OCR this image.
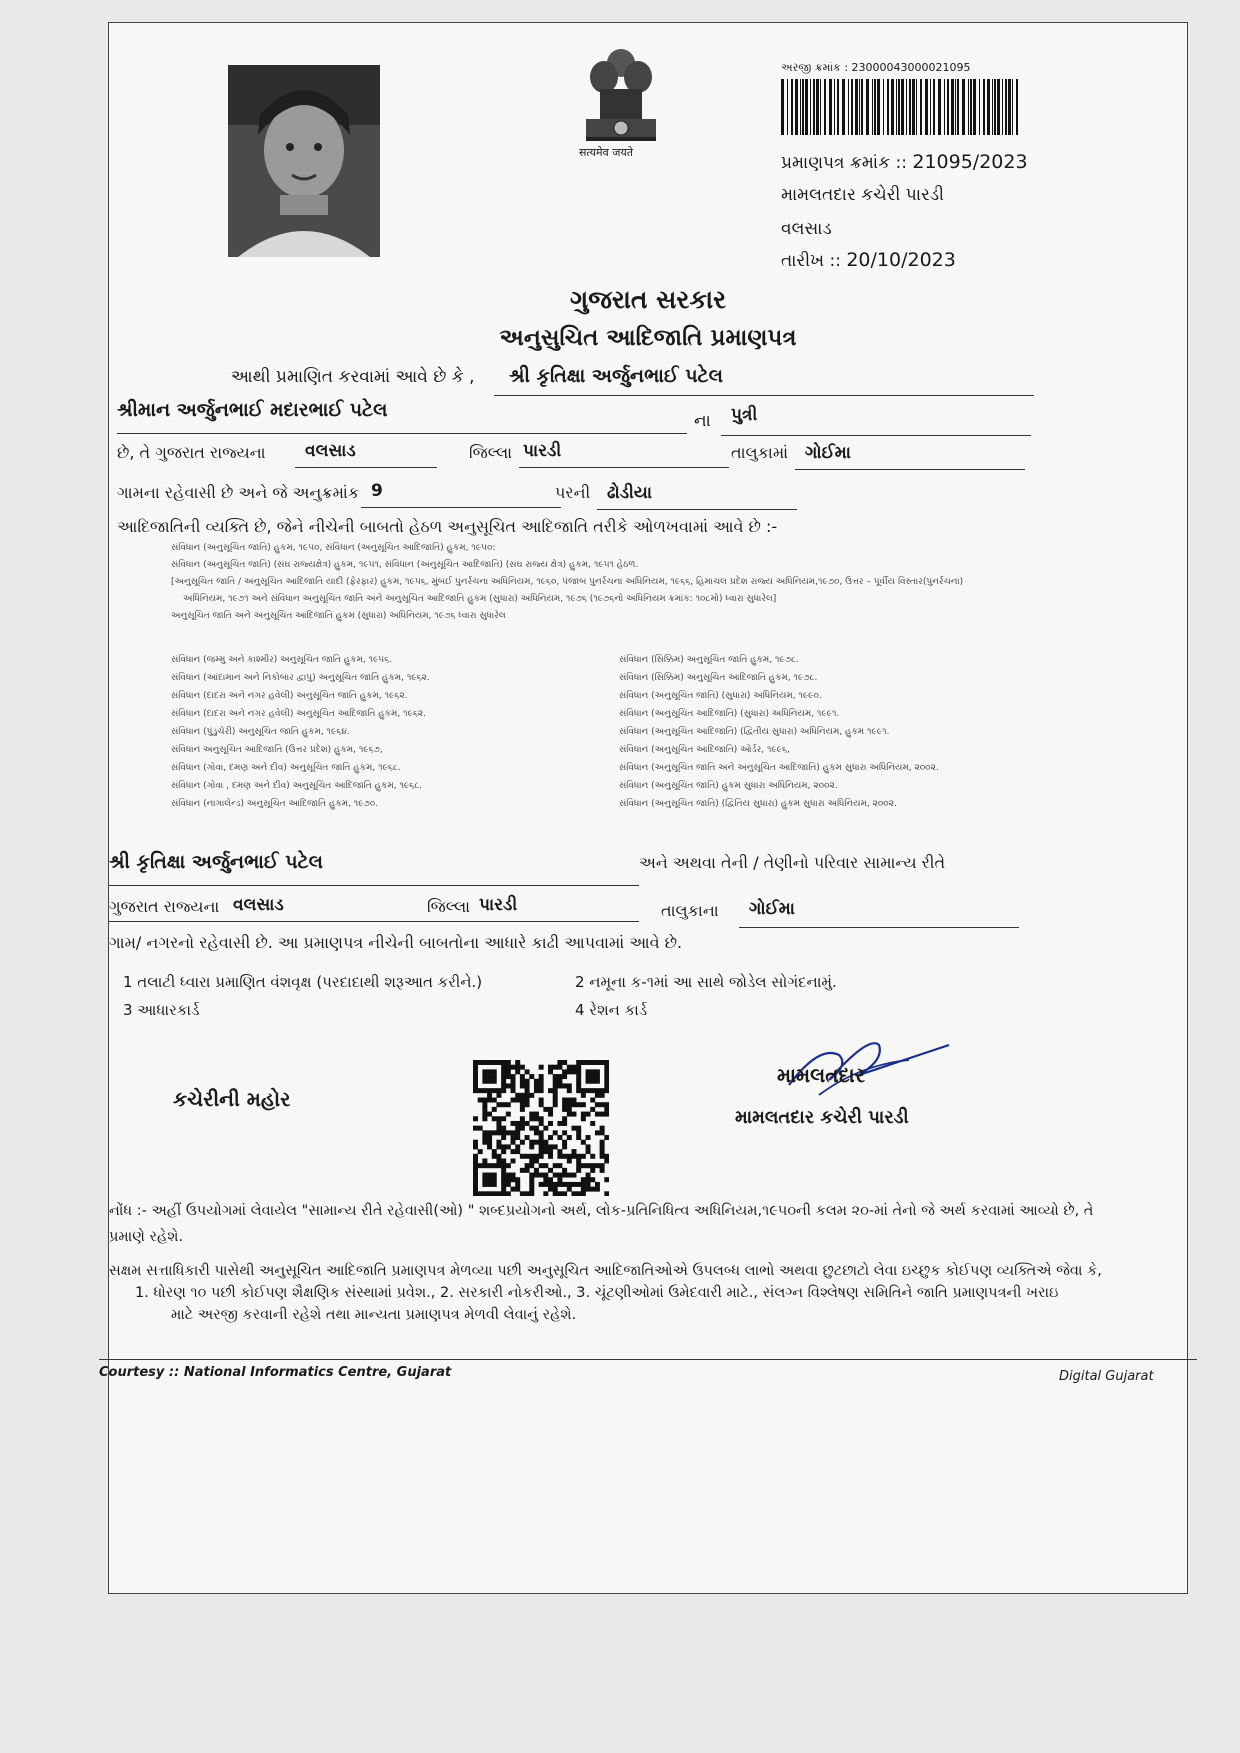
सत्यमेव जयते
અરજી ક્રમાંક : 23000043000021095
પ્રમાણપત્ર ક્રમાંક :: 21095/2023
મામલતદાર કચેરી પારડી
વલસાડ
તારીખ :: 20/10/2023
ગુજરાત સરકાર
અનુસુચિત આદિજાતિ પ્રમાણપત્ર
આથી પ્રમાણિત કરવામાં આવે છે કે , શ્રી કૃતિક્ષા અર્જુનભાઈ પટેલ
શ્રીમાન અર્જુનભાઈ મદારભાઈ પટેલ	ના પુત્રી
છે, તે ગુજરાત રાજ્યના વલસાડ	જિલ્લા પારડી	તાલુકામાં ગોઈમા
ગામના રહેવાસી છે અને જે અનુક્રમાંક 9	પરની ઢોડીયા
આદિજાતિની વ્યક્તિ છે, જેને નીચેની બાબતો હેઠળ અનુસૂચિત આદિજાતિ તરીકે ઓળખવામાં આવે છે :-
સંવિધાન (અનુસૂચિત જાતિ) હુકમ, ૧૯૫૦, સંવિધાન (અનુસૂચિત આદિજાતિ) હુકમ, ૧૯૫૦:
સંવિધાન (અનુસૂચિત જાતિ) (સંઘ રાજ્યક્ષેત્ર) હુકમ, ૧૯૫૧, સંવિધાન (અનુસૂચિત આદિજાતિ) (સંઘ રાજ્ય ક્ષેત્ર) હુકમ, ૧૯૫૧ હેઠળ.
[અનુસૂચિત જાતિ / અનુસૂચિત આદિજાતિ યાદી (ફેરફાર) હુકમ, ૧૯૫૬, મુંબઈ પુનર્રચના અધિનિયમ, ૧૯૬૦, પંજાબ પુનર્રચના અધિનિયમ, ૧૯૬૬, હિમાચલ પ્રદેશ રાજ્ય અધિનિયમ,૧૯૭૦, ઉત્તર – પૂર્વીય વિસ્તાર(પુનર્રચના)
અધિનિયમ, ૧૯૭૧ અને સંવિધાન અનુસૂચિત જાતિ અને અનુસૂચિત આદિજાતિ હુકમ (સુધારા) અધિનિયમ, ૧૯૭૬ (૧૯૭૬નો અધિનિયમ ક્રમાંક: ૧૦૮મો) ધ્વારા સુધારેલ]
અનુસૂચિત જાતિ અને અનુસૂચિત આદિજાતિ હુકમ (સુધારા) અધિનિયમ, ૧૯૭૬ ધ્વારા સુધારેલ
સંવિધાન (જમ્મુ અને કાશ્મીર) અનુસૂચિત જાતિ હુકમ, ૧૯૫૬.
સંવિધાન (આંદામાન અને નિકોબાર દ્વાપુ) અનુસૂચિત જાતિ હુકમ, ૧૯૬૨.
સંવિધાન (દાદરા અને નગર હવેલી) અનુસૂચિત જાતિ હુકમ, ૧૯૬૨.
સંવિધાન (દાદરા અને નગર હવેલી) અનુસૂચિત આદિજાતિ હુકમ, ૧૯૬૨.
સંવિધાન (પુંડુચેરી) અનુસૂચિત જાતિ હુકમ, ૧૯૬૪.
સંવિધાન અનુસૂચિત આદિજાતિ (ઉત્તર પ્રદેશ) હુકમ, ૧૯૬૭,
સંવિધાન (ગોવા, દમણ અને દીવ) અનુસૂચિત જાતિ હુકમ, ૧૯૬૮.
સંવિધાન (ગોવા , દમણ અને દીવ) અનુસૂચિત આદિજાતિ હુકમ, ૧૯૬૮.
સંવિધાન (નાગાલેન્ડ) અનુસૂચિત આદિજાતિ હુકમ, ૧૯૭૦.
સંવિધાન (સિક્કિમ) અનુસૂચિત જાતિ હુકમ, ૧૯૭૮.
સંવિધાન (સિક્કિમ) અનુસૂચિત આદિજાતિ હુકમ, ૧૯૭૮.
સંવિધાન (અનુસૂચિત જાતિ) (સુધારા) અધિનિયમ, ૧૯૯૦.
સંવિધાન (અનુસૂચિત આદિજાતિ) (સુધારા) અધિનિયમ, ૧૯૯૧.
સંવિધાન (અનુસૂચિત આદિજાતિ) (દ્વિતીય સુધારા) અધિનિયમ, હુકમ ૧૯૯૧.
સંવિધાન (અનુસૂચિત આદિજાતિ) ઓર્ડર, ૧૯૯૬,
સંવિધાન (અનુસૂચિત જાતિ અને અનુસૂચિત આદિજાતિ) હુકમ સુધારા અધિનિયમ, ૨૦૦૨.
સંવિધાન (અનુસૂચિત જાતિ) હુકમ સુધારા અધિનિયમ, ૨૦૦૨.
સંવિધાન (અનુસૂચિત જાતિ) (દ્વિતિય સુધારા) હુકમ સુધારા અધિનિયમ, ૨૦૦૨.
શ્રી કૃતિક્ષા અર્જુનભાઈ પટેલ	અને અથવા તેની / તેણીનો પરિવાર સામાન્ય રીતે
ગુજરાત રાજ્યના વલસાડ	જિલ્લા પારડી	તાલુકાના ગોઈમા
ગામ/ નગરનો રહેવાસી છે. આ પ્રમાણપત્ર નીચેની બાબતોના આધારે કાઢી આપવામાં આવે છે.
1 તલાટી ધ્વારા પ્રમાણિત વંશવૃક્ષ (પરદાદાથી શરૂઆત કરીને.)	2 નમૂના ક-૧માં આ સાથે જોડેલ સોગંદનામું.
3 આધારકાર્ડ	4 રેશન કાર્ડ
કચેરીની મહોર
મામલતદાર
મામલતદાર કચેરી પારડી
નોંધ :- અહીં ઉપયોગમાં લેવાયેલ "સામાન્ય રીતે રહેવાસી(ઓ) " શબ્દપ્રયોગનો અર્થ, લોક-પ્રતિનિધિત્વ અધિનિયમ,૧૯૫૦ની કલમ ૨૦-માં તેનો જે અર્થ કરવામાં આવ્યો છે, તે
પ્રમાણે રહેશે.
સક્ષમ સત્તાધિકારી પાસેથી અનુસૂચિત આદિજાતિ પ્રમાણપત્ર મેળવ્યા પછી અનુસૂચિત આદિજાતિઓએ ઉપલબ્ધ લાભો અથવા છુટછાટો લેવા ઇચ્છુક કોઈપણ વ્યક્તિએ જેવા કે,
1. ધોરણ ૧૦ પછી કોઈપણ શૈક્ષણિક સંસ્થામાં પ્રવેશ., 2. સરકારી નોકરીઓ., 3. ચૂંટણીઓમાં ઉમેદવારી માટે., સંલગ્ન વિશ્લેષણ સમિતિને જાતિ પ્રમાણપત્રની ખરાઇ
માટે અરજી કરવાની રહેશે તથા માન્યતા પ્રમાણપત્ર મેળવી લેવાનું રહેશે.
Courtesy :: National Informatics Centre, Gujarat	Digital Gujarat
